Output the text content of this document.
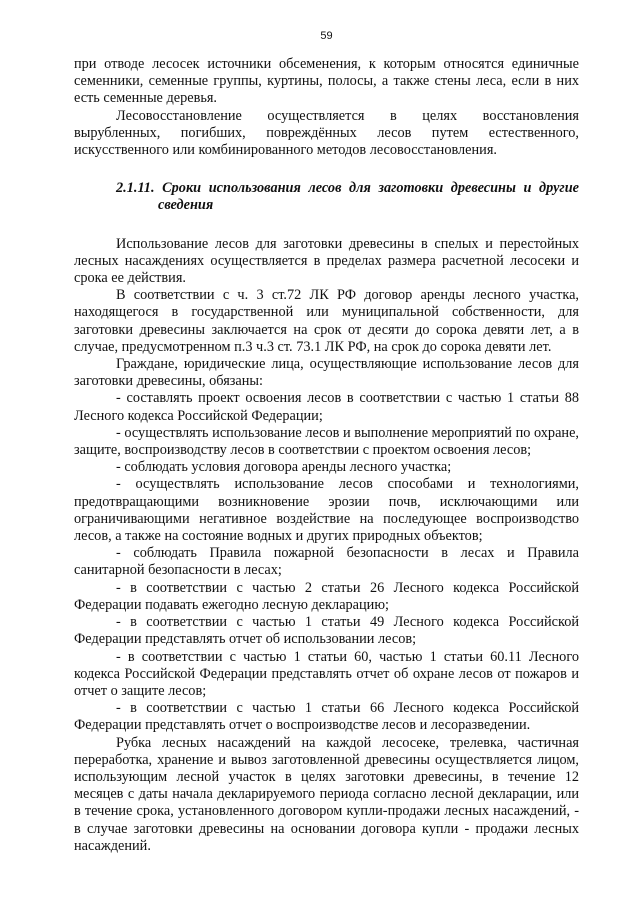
59

при отводе лесосек источники обсеменения, к которым относятся единичные семенники, семенные группы, куртины, полосы, а также стены леса, если в них есть семенные деревья.

Лесовосстановление осуществляется в целях восстановления вырубленных, погибших, повреждённых лесов путем естественного, искусственного или комбинированного методов лесовосстановления.

2.1.11. Сроки использования лесов для заготовки древесины и другие сведения

Использование лесов для заготовки древесины в спелых и перестойных лесных насаждениях осуществляется в пределах размера расчетной лесосеки и срока ее действия.

В соответствии с ч. 3 ст.72 ЛК РФ договор аренды лесного участка, находящегося в государственной или муниципальной собственности, для заготовки древесины заключается на срок от десяти до сорока девяти лет, а в случае, предусмотренном п.3 ч.3 ст. 73.1 ЛК РФ, на срок до сорока девяти лет.

Граждане, юридические лица, осуществляющие использование лесов для заготовки древесины, обязаны:

- составлять проект освоения лесов в соответствии с частью 1 статьи 88 Лесного кодекса Российской Федерации;

- осуществлять использование лесов и выполнение мероприятий по охране, защите, воспроизводству лесов в соответствии с проектом освоения лесов;

- соблюдать условия договора аренды лесного участка;

- осуществлять использование лесов способами и технологиями, предотвращающими возникновение эрозии почв, исключающими или ограничивающими негативное воздействие на последующее воспроизводство лесов, а также на состояние водных и других природных объектов;

- соблюдать Правила пожарной безопасности в лесах и Правила санитарной безопасности в лесах;

- в соответствии с частью 2 статьи 26 Лесного кодекса Российской Федерации подавать ежегодно лесную декларацию;

- в соответствии с частью 1 статьи 49 Лесного кодекса Российской Федерации представлять отчет об использовании лесов;

- в соответствии с частью 1 статьи 60, частью 1 статьи 60.11 Лесного кодекса Российской Федерации представлять отчет об охране лесов от пожаров и отчет о защите лесов;

- в соответствии с частью 1 статьи 66 Лесного кодекса Российской Федерации представлять отчет о воспроизводстве лесов и лесоразведении.

Рубка лесных насаждений на каждой лесосеке, трелевка, частичная переработка, хранение и вывоз заготовленной древесины осуществляется лицом, использующим лесной участок в целях заготовки древесины, в течение 12 месяцев с даты начала декларируемого периода согласно лесной декларации, или в течение срока, установленного договором купли-продажи лесных насаждений, - в случае заготовки древесины на основании договора купли - продажи лесных насаждений.
